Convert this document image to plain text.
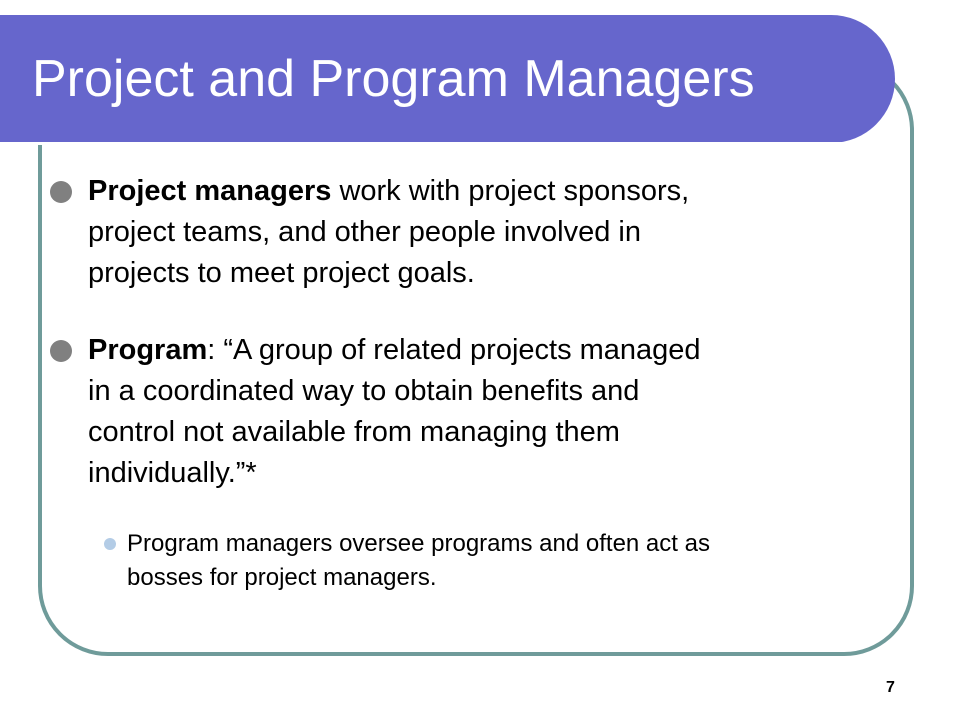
Project and Program Managers
Project managers work with project sponsors,
project teams, and other people involved in
projects to meet project goals.
Program: “A group of related projects managed
in a coordinated way to obtain benefits and
control not available from managing them
individually.”*
Program managers oversee programs and often act as
bosses for project managers.
7
